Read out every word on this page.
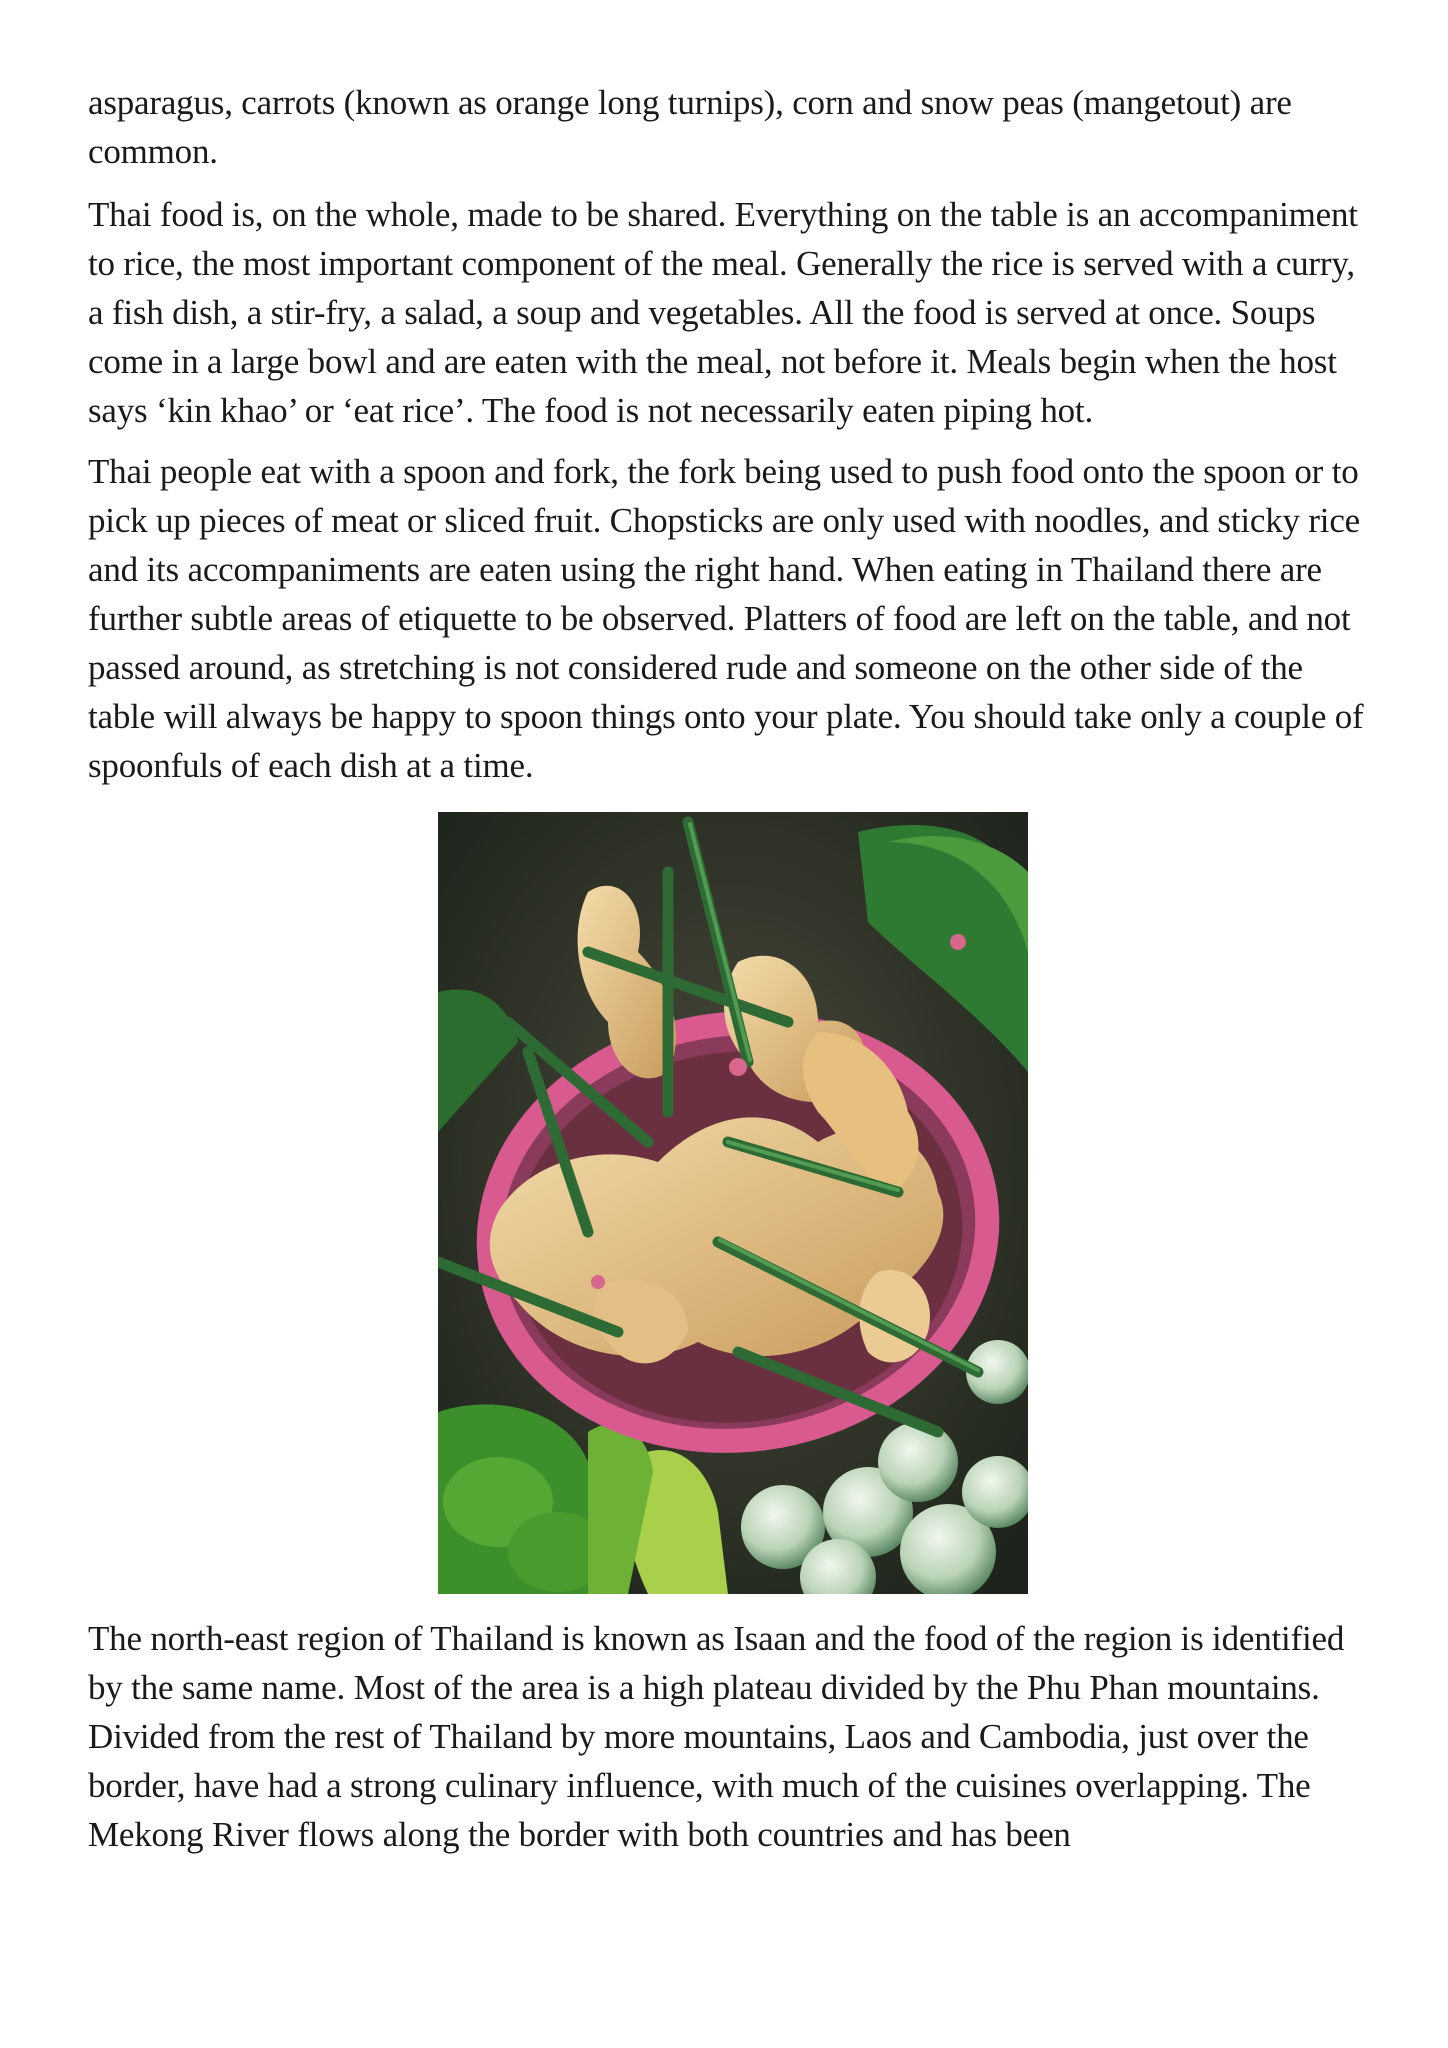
asparagus, carrots (known as orange long turnips), corn and snow peas (mangetout) are common.

Thai food is, on the whole, made to be shared. Everything on the table is an accompaniment to rice, the most important component of the meal. Generally the rice is served with a curry, a fish dish, a stir-fry, a salad, a soup and vegetables. All the food is served at once. Soups come in a large bowl and are eaten with the meal, not before it. Meals begin when the host says ‘kin khao’ or ‘eat rice’. The food is not necessarily eaten piping hot.

Thai people eat with a spoon and fork, the fork being used to push food onto the spoon or to pick up pieces of meat or sliced fruit. Chopsticks are only used with noodles, and sticky rice and its accompaniments are eaten using the right hand. When eating in Thailand there are further subtle areas of etiquette to be observed. Platters of food are left on the table, and not passed around, as stretching is not considered rude and someone on the other side of the table will always be happy to spoon things onto your plate. You should take only a couple of spoonfuls of each dish at a time.

The north-east region of Thailand is known as Isaan and the food of the region is identified by the same name. Most of the area is a high plateau divided by the Phu Phan mountains. Divided from the rest of Thailand by more mountains, Laos and Cambodia, just over the border, have had a strong culinary influence, with much of the cuisines overlapping. The Mekong River flows along the border with both countries and has been
